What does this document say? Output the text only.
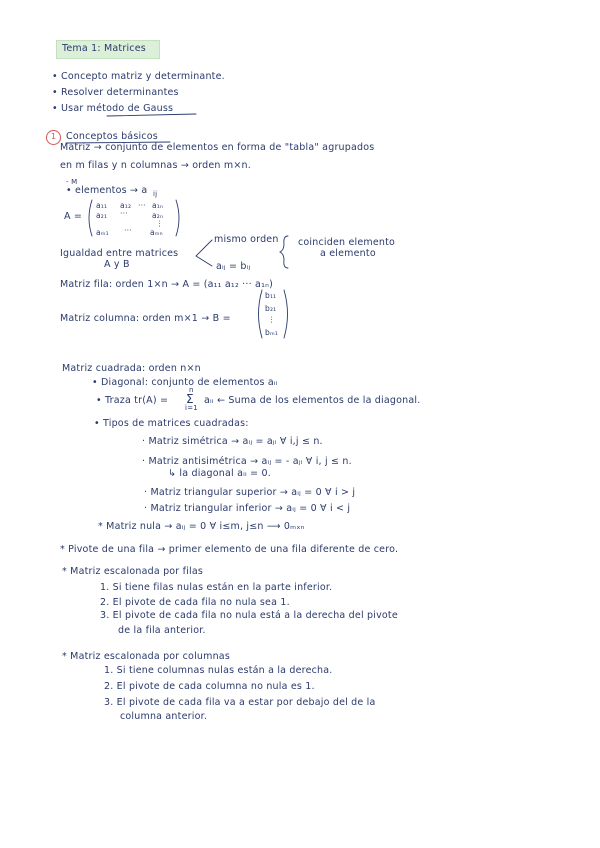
Tema 1: Matrices
• Concepto matriz y determinante.
• Resolver determinantes
• Usar método de Gauss
1 Conceptos básicos
Matriz → conjunto de elementos en forma de "tabla" agrupados
en m filas y n columnas → orden m×n.
- M
• elementos → a ij
A =
a₁₁ a₁₂ ··· a₁ₙ
a₂₁ ···	a₂ₙ
⋮
aₘ₁ ··· aₘₙ
Igualdad entre matrices
A y B
mismo orden
aᵢⱼ = bᵢⱼ
coinciden elemento
a elemento
Matriz fila: orden 1×n → A = (a₁₁ a₁₂ ··· a₁ₙ)
Matriz columna: orden m×1 → B =
b₁₁
b₂₁
⋮
bₘ₁
Matriz cuadrada: orden n×n
• Diagonal: conjunto de elementos aᵢᵢ
• Traza tr(A) = Σ
n
i=1
aᵢᵢ ← Suma de los elementos de la diagonal.
• Tipos de matrices cuadradas:
· Matriz simétrica → aᵢⱼ = aⱼᵢ ∀ i,j ≤ n.
· Matriz antisimétrica → aᵢⱼ = - aⱼᵢ ∀ i, j ≤ n.
↳ la diagonal aᵢᵢ = 0.
· Matriz triangular superior → aᵢⱼ = 0 ∀ i > j
· Matriz triangular inferior → aᵢⱼ = 0 ∀ i < j
* Matriz nula → aᵢⱼ = 0 ∀ i≤m, j≤n ⟶ 0ₘₓₙ
* Pivote de una fila → primer elemento de una fila diferente de cero.
* Matriz escalonada por filas
1. Si tiene filas nulas están en la parte inferior.
2. El pivote de cada fila no nula sea 1.
3. El pivote de cada fila no nula está a la derecha del pivote
de la fila anterior.
* Matriz escalonada por columnas
1. Si tiene columnas nulas están a la derecha.
2. El pivote de cada columna no nula es 1.
3. El pivote de cada fila va a estar por debajo del de la
columna anterior.
